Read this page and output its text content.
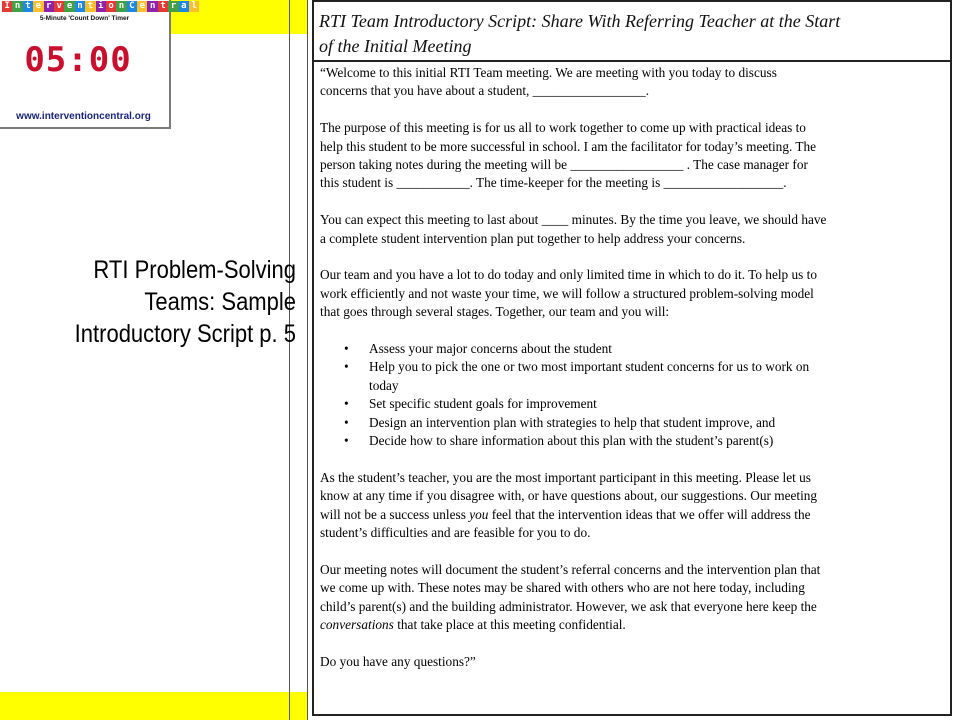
I n t e r v e n t i o n C e n t r a l
5-Minute 'Count Down' Timer
05:00
www.interventioncentral.org
RTI Problem-Solving
Teams: Sample
Introductory Script p. 5
RTI Team Introductory Script: Share With Referring Teacher at the Start
of the Initial Meeting
“Welcome to this initial RTI Team meeting. We are meeting with you today to discuss
concerns that you have about a student, _________________.
The purpose of this meeting is for us all to work together to come up with practical ideas to
help this student to be more successful in school. I am the facilitator for today’s meeting. The
person taking notes during the meeting will be _________________ . The case manager for
this student is ___________. The time-keeper for the meeting is __________________.
You can expect this meeting to last about ____ minutes. By the time you leave, we should have
a complete student intervention plan put together to help address your concerns.
Our team and you have a lot to do today and only limited time in which to do it. To help us to
work efficiently and not waste your time, we will follow a structured problem-solving model
that goes through several stages. Together, our team and you will:
• Assess your major concerns about the student
• Help you to pick the one or two most important student concerns for us to work on
today
• Set specific student goals for improvement
• Design an intervention plan with strategies to help that student improve, and
• Decide how to share information about this plan with the student’s parent(s)
As the student’s teacher, you are the most important participant in this meeting. Please let us
know at any time if you disagree with, or have questions about, our suggestions. Our meeting
will not be a success unless you feel that the intervention ideas that we offer will address the
student’s difficulties and are feasible for you to do.
Our meeting notes will document the student’s referral concerns and the intervention plan that
we come up with. These notes may be shared with others who are not here today, including
child’s parent(s) and the building administrator. However, we ask that everyone here keep the
conversations that take place at this meeting confidential.
Do you have any questions?”
